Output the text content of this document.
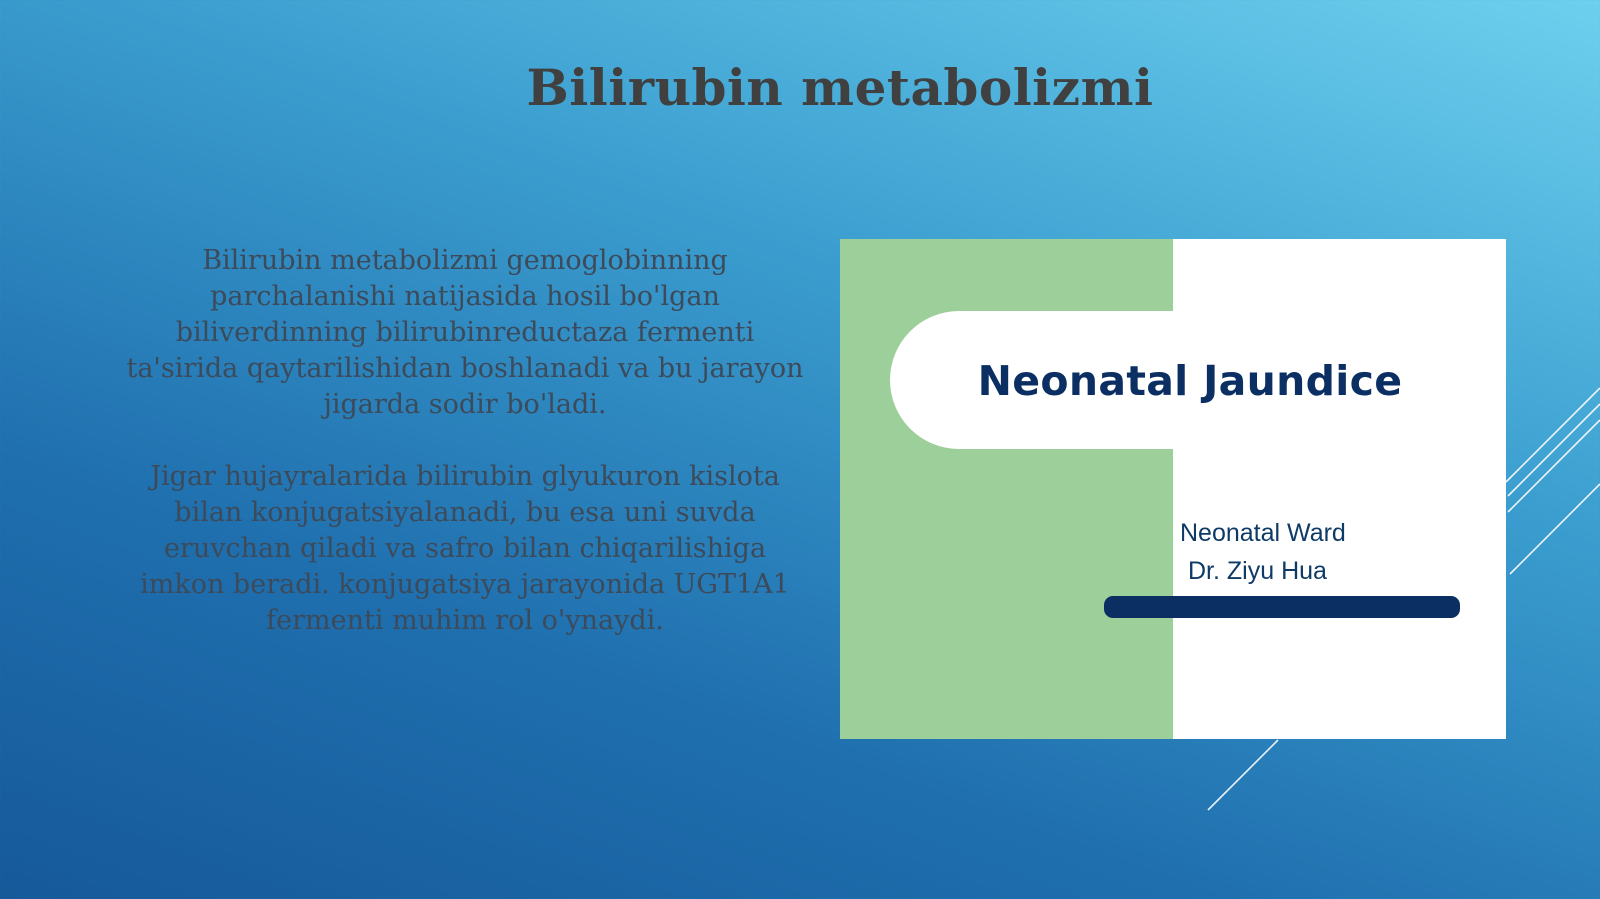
Bilirubin metabolizmi

Bilirubin metabolizmi gemoglobinning parchalanishi natijasida hosil bo'lgan biliverdinning bilirubinreductaza fermenti ta'sirida qaytarilishidan boshlanadi va bu jarayon jigarda sodir bo'ladi.

Jigar hujayralarida bilirubin glyukuron kislota bilan konjugatsiyalanadi, bu esa uni suvda eruvchan qiladi va safro bilan chiqarilishiga imkon beradi. konjugatsiya jarayonida UGT1A1 fermenti muhim rol o'ynaydi.

Neonatal Jaundice
Neonatal Ward
Dr. Ziyu Hua
